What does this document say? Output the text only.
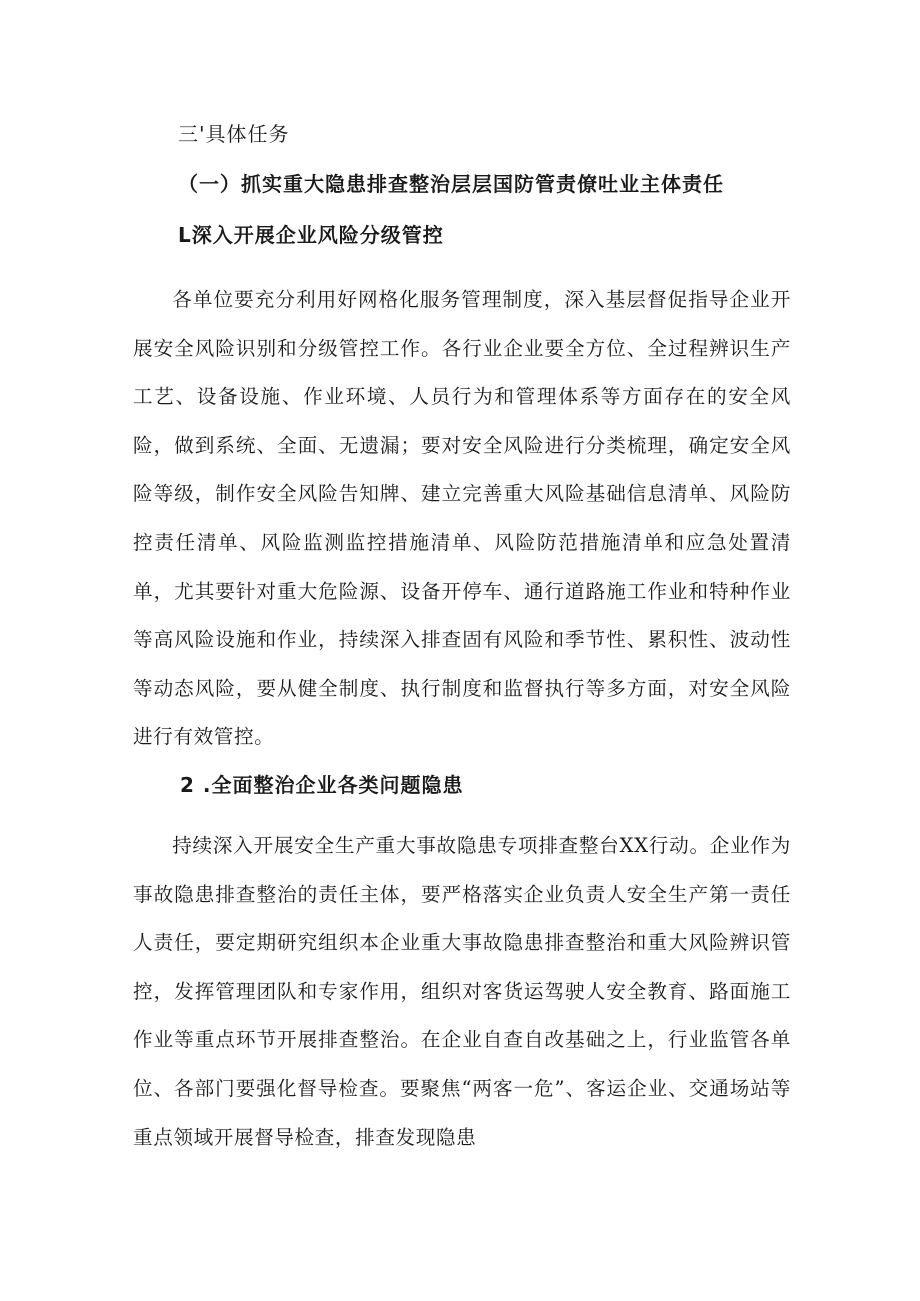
三'具体任务
（一）抓实重大隐患排查整治层层国防管责僚吐业主体责任
L深入开展企业风险分级管控

各单位要充分利用好网格化服务管理制度，深入基层督促指导企业开展安全风险识别和分级管控工作。各行业企业要全方位、全过程辨识生产工艺、设备设施、作业环境、人员行为和管理体系等方面存在的安全风险，做到系统、全面、无遗漏；要对安全风险进行分类梳理，确定安全风险等级，制作安全风险告知牌、建立完善重大风险基础信息清单、风险防控责任清单、风险监测监控措施清单、风险防范措施清单和应急处置清单，尤其要针对重大危险源、设备开停车、通行道路施工作业和特种作业等高风险设施和作业，持续深入排查固有风险和季节性、累积性、波动性等动态风险，要从健全制度、执行制度和监督执行等多方面，对安全风险进行有效管控。

2 .全面整治企业各类问题隐患

持续深入开展安全生产重大事故隐患专项排查整台XX行动。企业作为事故隐患排查整治的责任主体，要严格落实企业负责人安全生产第一责任人责任，要定期研究组织本企业重大事故隐患排查整治和重大风险辨识管控，发挥管理团队和专家作用，组织对客货运驾驶人安全教育、路面施工作业等重点环节开展排查整治。在企业自查自改基础之上，行业监管各单位、各部门要强化督导检查。要聚焦“两客一危”、客运企业、交通场站等重点领域开展督导检查，排查发现隐患
